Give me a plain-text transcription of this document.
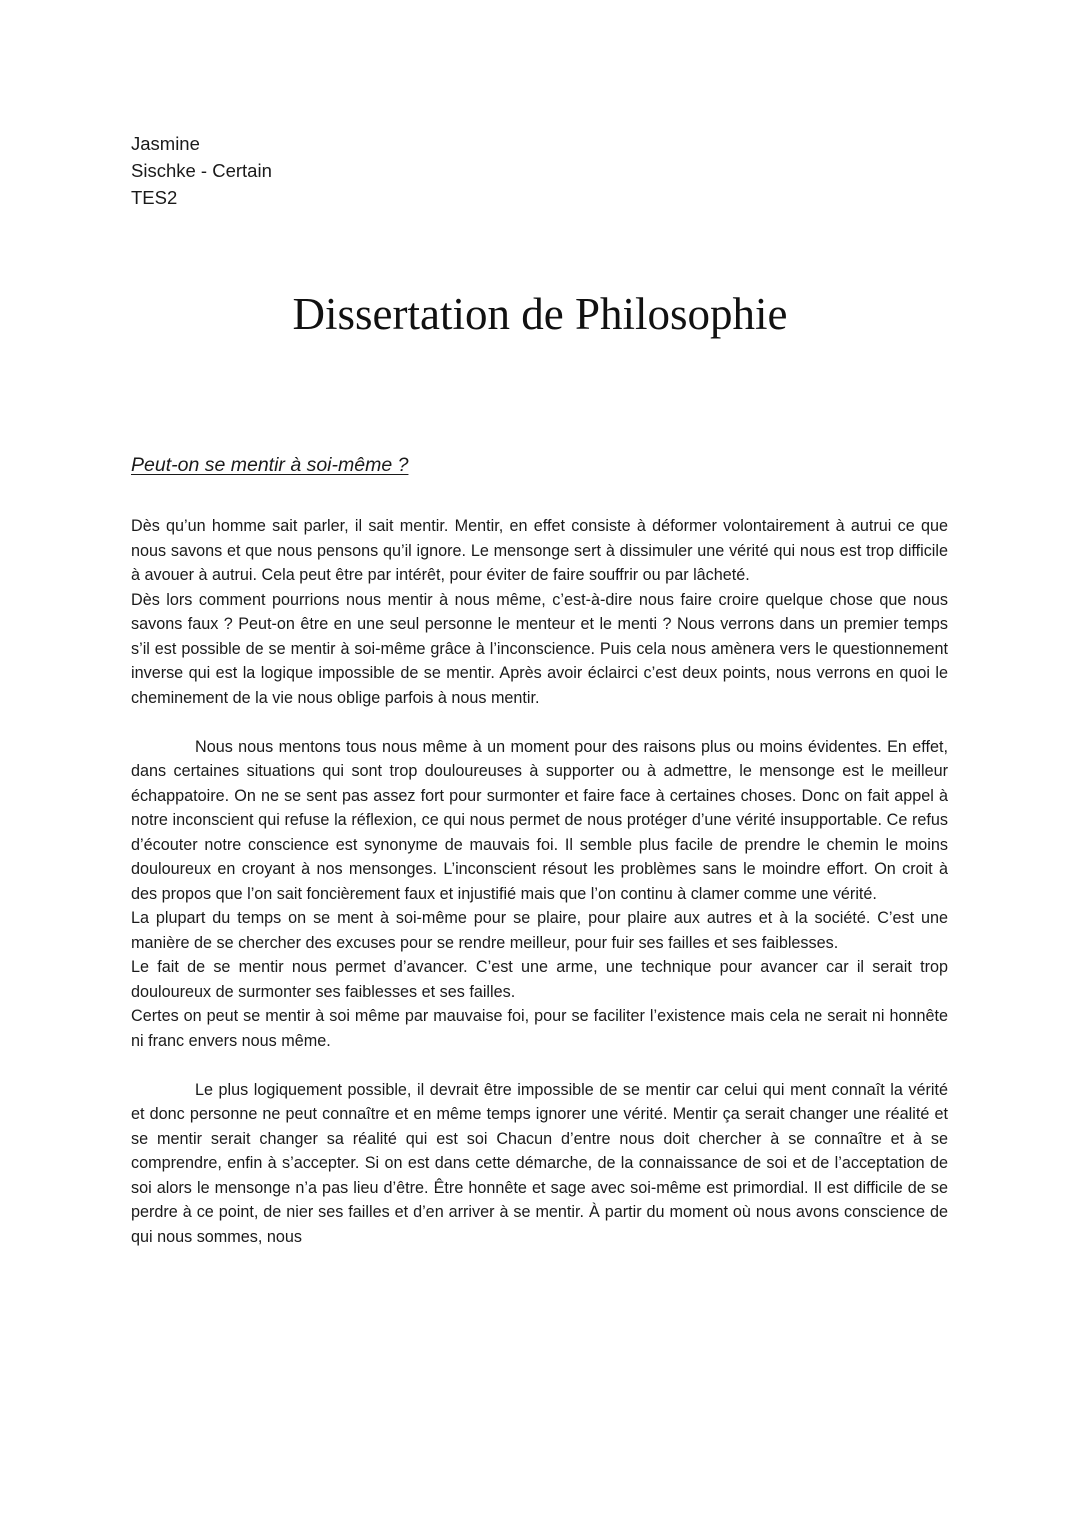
Jasmine
Sischke - Certain
TES2
Dissertation de Philosophie
Peut-on se mentir à soi-même ?

Dès qu’un homme sait parler, il sait mentir. Mentir, en effet consiste à déformer volontairement à autrui ce que nous savons et que nous pensons qu’il ignore. Le mensonge sert à dissimuler une vérité qui nous est trop difficile à avouer à autrui. Cela peut être par intérêt, pour éviter de faire souffrir ou par lâcheté.

Dès lors comment pourrions nous mentir à nous même, c’est-à-dire nous faire croire quelque chose que nous savons faux ? Peut-on être en une seul personne le menteur et le menti ? Nous verrons dans un premier temps s’il est possible de se mentir à soi-même grâce à l’inconscience. Puis cela nous amènera vers le questionnement inverse qui est la logique impossible de se mentir. Après avoir éclairci c’est deux points, nous verrons en quoi le cheminement de la vie nous oblige parfois à nous mentir.

Nous nous mentons tous nous même à un moment pour des raisons plus ou moins évidentes. En effet, dans certaines situations qui sont trop douloureuses à supporter ou à admettre, le mensonge est le meilleur échappatoire. On ne se sent pas assez fort pour surmonter et faire face à certaines choses. Donc on fait appel à notre inconscient qui refuse la réflexion, ce qui nous permet de nous protéger d’une vérité insupportable. Ce refus d’écouter notre conscience est synonyme de mauvais foi. Il semble plus facile de prendre le chemin le moins douloureux en croyant à nos mensonges. L’inconscient résout les problèmes sans le moindre effort. On croit à des propos que l’on sait foncièrement faux et injustifié mais que l’on continu à clamer comme une vérité.

La plupart du temps on se ment à soi-même pour se plaire, pour plaire aux autres et à la société. C’est une manière de se chercher des excuses pour se rendre meilleur, pour fuir ses failles et ses faiblesses.

Le fait de se mentir nous permet d’avancer. C’est une arme, une technique pour avancer car il serait trop douloureux de surmonter ses faiblesses et ses failles.

Certes on peut se mentir à soi même par mauvaise foi, pour se faciliter l’existence mais cela ne serait ni honnête ni franc envers nous même.

Le plus logiquement possible, il devrait être impossible de se mentir car celui qui ment connaît la vérité et donc personne ne peut connaître et en même temps ignorer une vérité. Mentir ça serait changer une réalité et se mentir serait changer sa réalité qui est soi Chacun d’entre nous doit chercher à se connaître et à se comprendre, enfin à s’accepter. Si on est dans cette démarche, de la connaissance de soi et de l’acceptation de soi alors le mensonge n’a pas lieu d’être. Être honnête et sage avec soi-même est primordial. Il est difficile de se perdre à ce point, de nier ses failles et d’en arriver à se mentir. À partir du moment où nous avons conscience de qui nous sommes, nous
